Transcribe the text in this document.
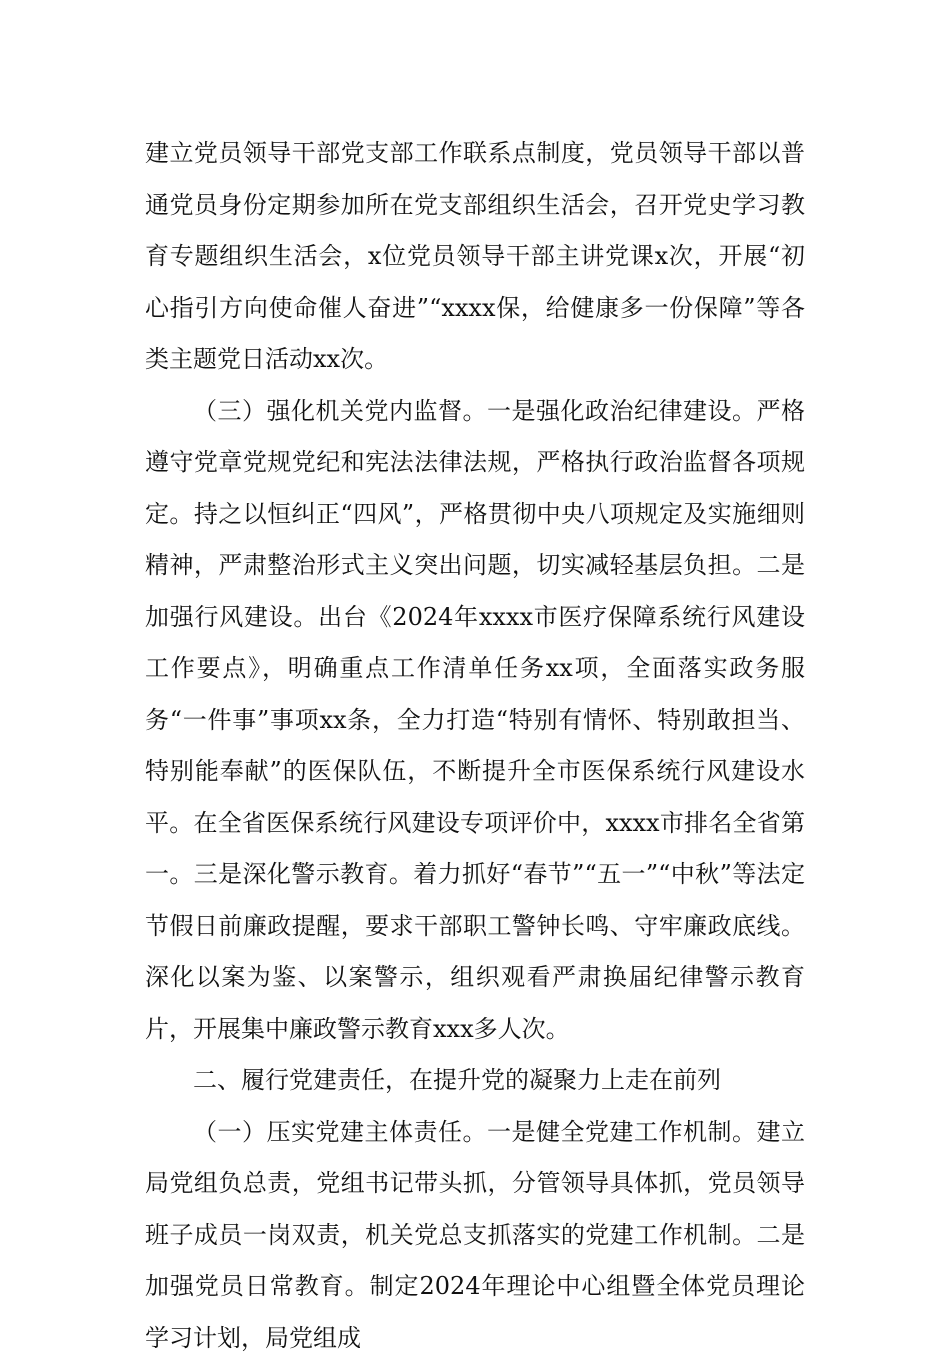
建立党员领导干部党支部工作联系点制度，党员领导干部以普通党员身份定期参加所在党支部组织生活会，召开党史学习教育专题组织生活会，x位党员领导干部主讲党课x次，开展“初心指引方向使命催人奋进”“xxxx保，给健康多一份保障”等各类主题党日活动xx次。

（三）强化机关党内监督。一是强化政治纪律建设。严格遵守党章党规党纪和宪法法律法规，严格执行政治监督各项规定。持之以恒纠正“四风”，严格贯彻中央八项规定及实施细则精神，严肃整治形式主义突出问题，切实减轻基层负担。二是加强行风建设。出台《2024年xxxx市医疗保障系统行风建设工作要点》，明确重点工作清单任务xx项，全面落实政务服务“一件事”事项xx条，全力打造“特别有情怀、特别敢担当、特别能奉献”的医保队伍，不断提升全市医保系统行风建设水平。在全省医保系统行风建设专项评价中，xxxx市排名全省第一。三是深化警示教育。着力抓好“春节”“五一”“中秋”等法定节假日前廉政提醒，要求干部职工警钟长鸣、守牢廉政底线。深化以案为鉴、以案警示，组织观看严肃换届纪律警示教育片，开展集中廉政警示教育xxx多人次。

二、履行党建责任，在提升党的凝聚力上走在前列

（一）压实党建主体责任。一是健全党建工作机制。建立局党组负总责，党组书记带头抓，分管领导具体抓，党员领导班子成员一岗双责，机关党总支抓落实的党建工作机制。二是加强党员日常教育。制定2024年理论中心组暨全体党员理论学习计划，局党组成
